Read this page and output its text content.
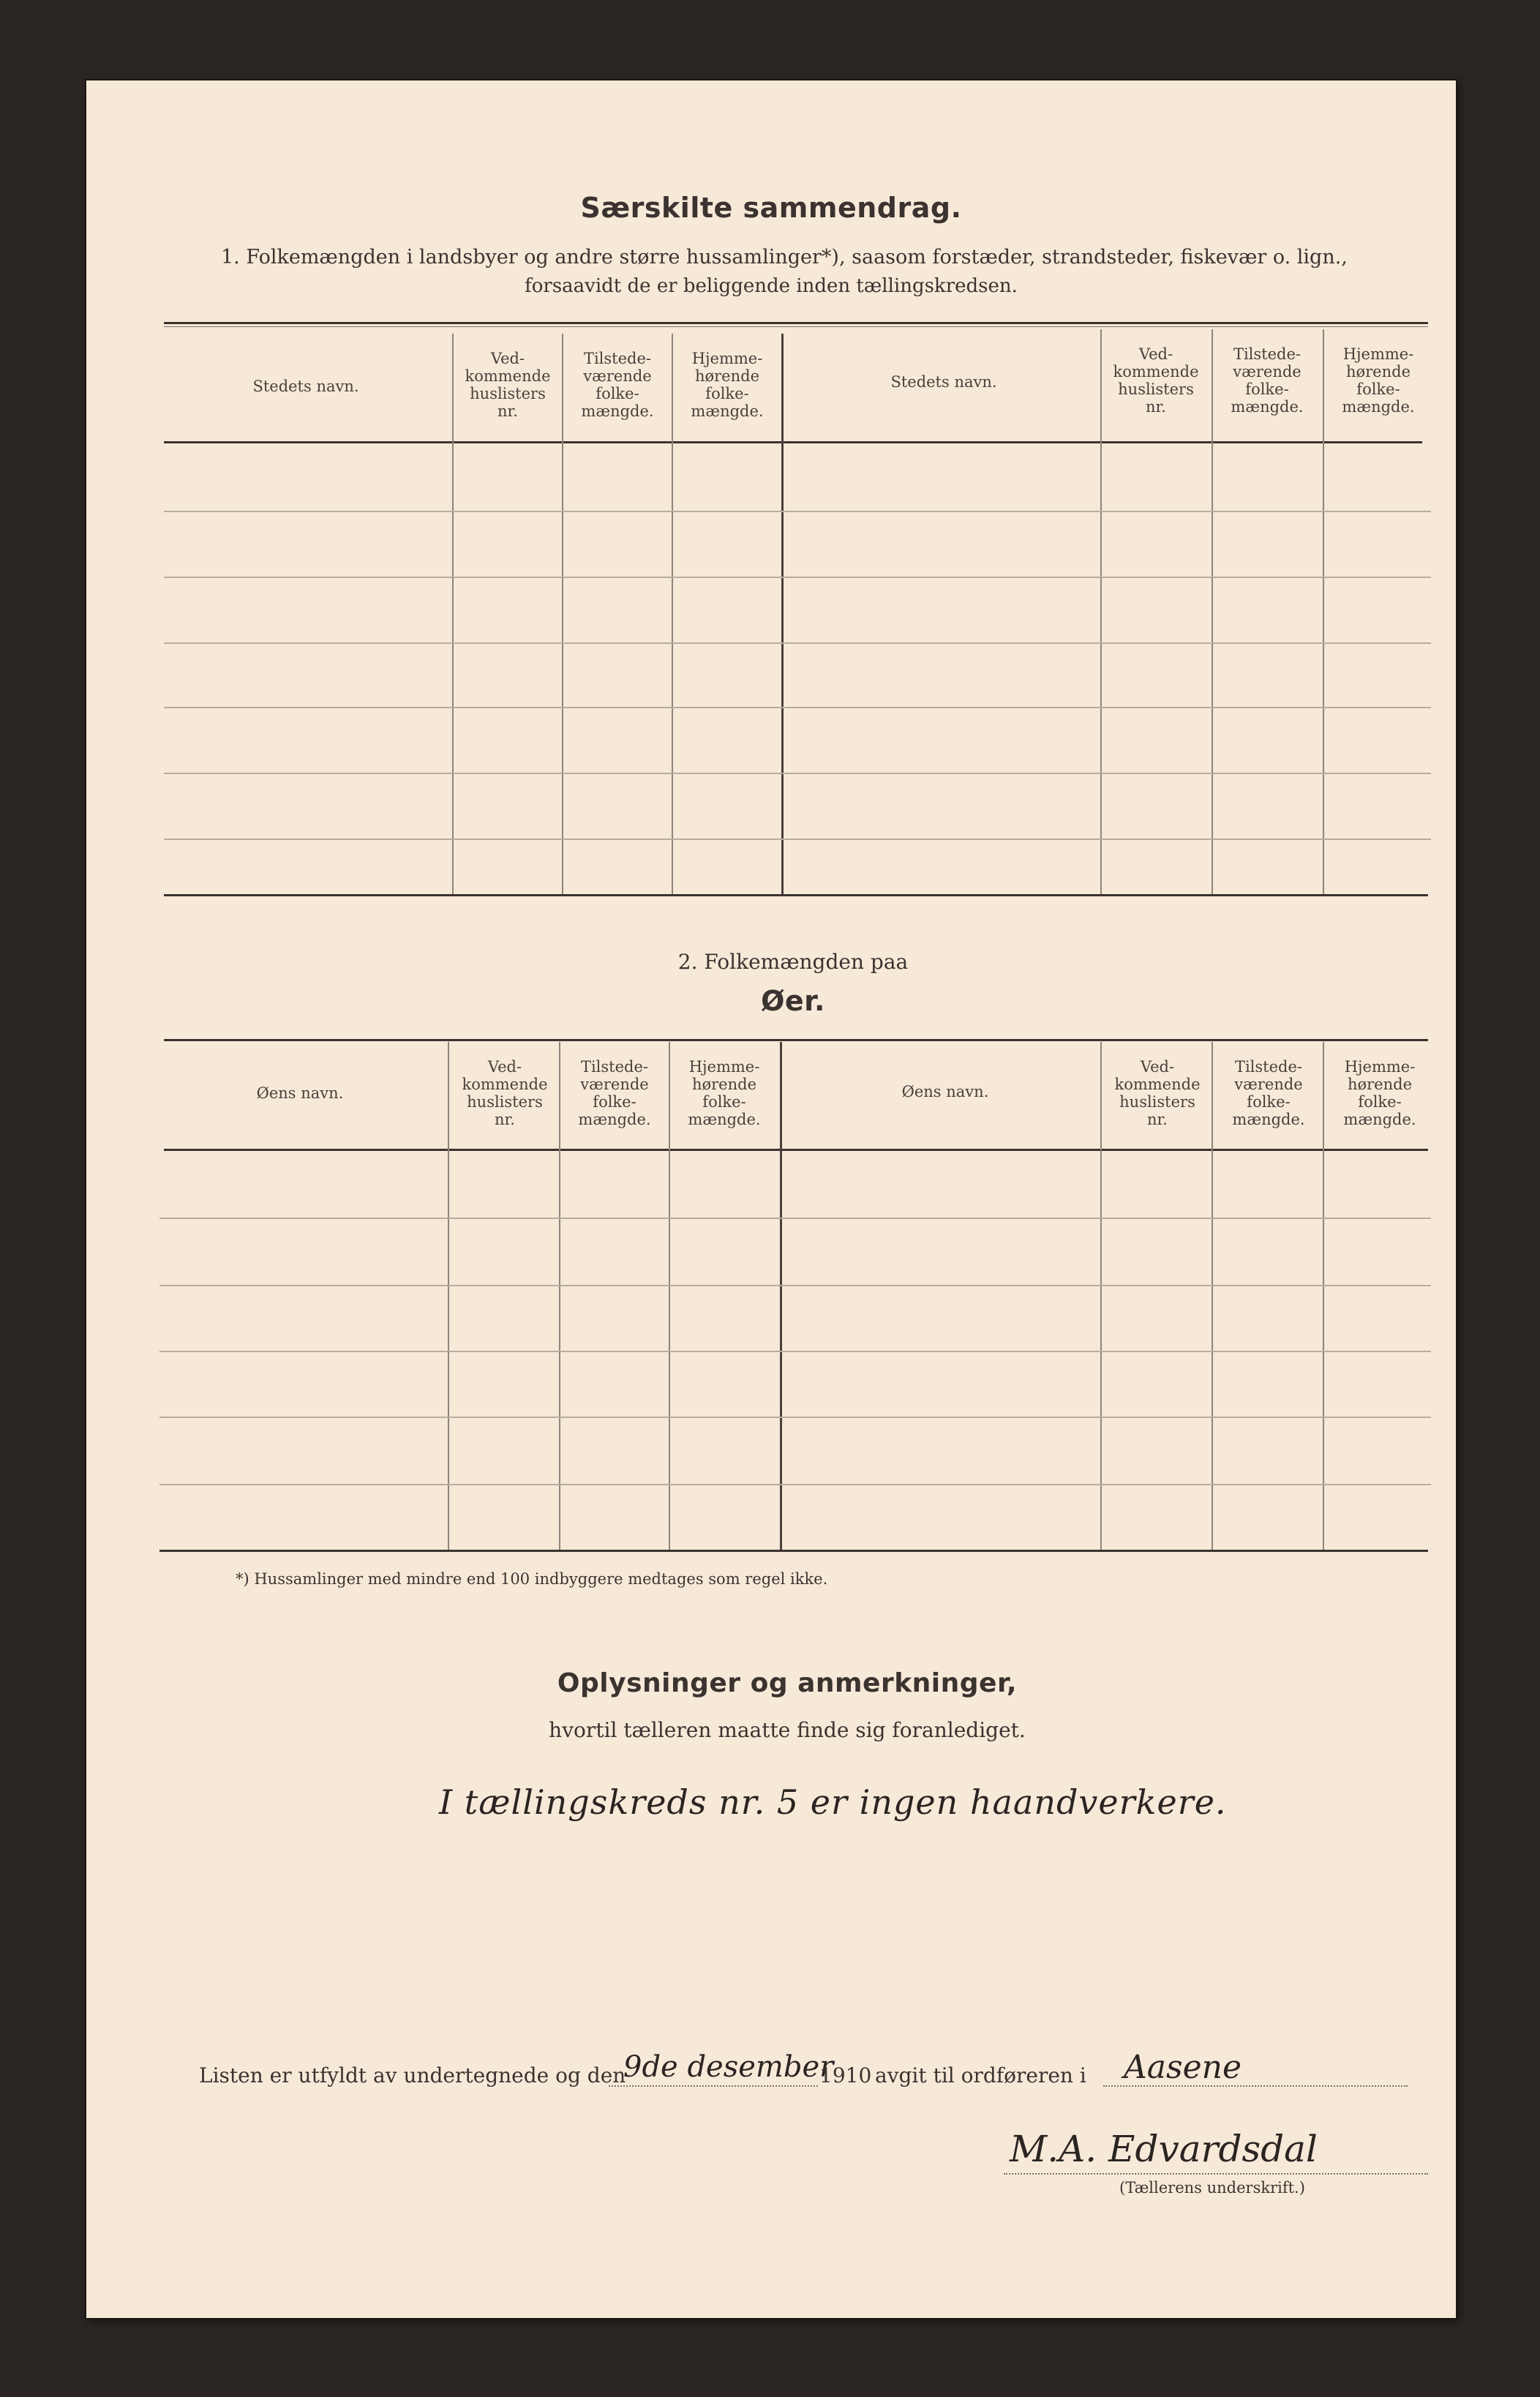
Særskilte sammendrag.
1. Folkemængden i landsbyer og andre større hussamlinger*), saasom forstæder, strandsteder, fiskevær o. lign.,
forsaavidt de er beliggende inden tællingskredsen.
Stedets navn.
Ved-
kommende
huslisters
nr.
Tilstede-
værende
folke-
mængde.
Hjemme-
hørende
folke-
mængde.
Stedets navn.
Ved-
kommende
huslisters
nr.
Tilstede-
værende
folke-
mængde.
Hjemme-
hørende
folke-
mængde.
2. Folkemængden paa
Øer.
Øens navn.
Ved-
kommende
huslisters
nr.
Tilstede-
værende
folke-
mængde.
Hjemme-
hørende
folke-
mængde.
Øens navn.
Ved-
kommende
huslisters
nr.
Tilstede-
værende
folke-
mængde.
Hjemme-
hørende
folke-
mængde.
*) Hussamlinger med mindre end 100 indbyggere medtages som regel ikke.
Oplysninger og anmerkninger,
hvortil tælleren maatte finde sig foranlediget.
I tællingskreds nr. 5 er ingen haandverkere.
Listen er utfyldt av undertegnede og den
9de desember
1910 avgit til ordføreren i Aasene
M.A. Edvardsdal
(Tællerens underskrift.)
